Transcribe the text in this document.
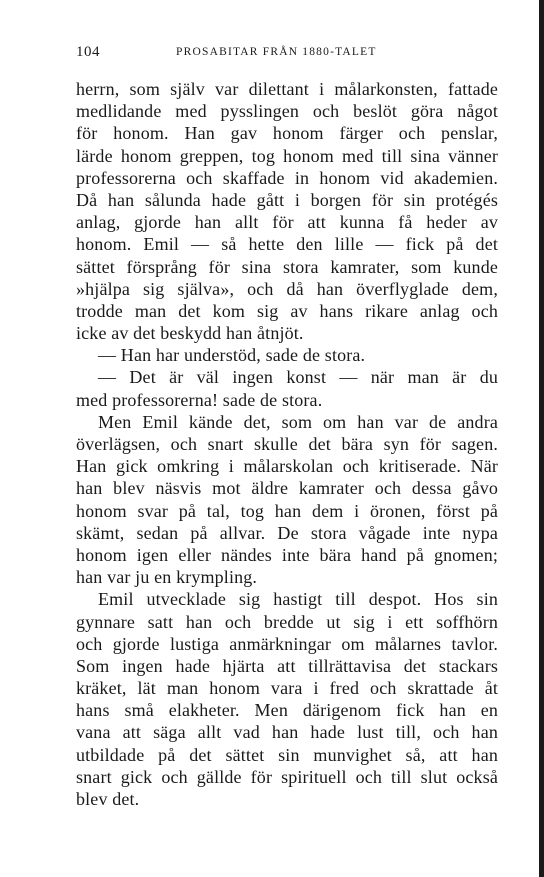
104	PROSABITAR FRÅN 1880-TALET
herrn, som själv var dilettant i målarkonsten, fattade
medlidande med pysslingen och beslöt göra något
för honom. Han gav honom färger och penslar,
lärde honom greppen, tog honom med till sina vänner
professorerna och skaffade in honom vid akademien.
Då han sålunda hade gått i borgen för sin protégés
anlag, gjorde han allt för att kunna få heder av
honom. Emil — så hette den lille — fick på det
sättet försprång för sina stora kamrater, som kunde
»hjälpa sig själva», och då han överflyglade dem,
trodde man det kom sig av hans rikare anlag och
icke av det beskydd han åtnjöt.
— Han har understöd, sade de stora.
— Det är väl ingen konst — när man är du
med professorerna! sade de stora.
Men Emil kände det, som om han var de andra
överlägsen, och snart skulle det bära syn för sagen.
Han gick omkring i målarskolan och kritiserade. När
han blev näsvis mot äldre kamrater och dessa gåvo
honom svar på tal, tog han dem i öronen, först på
skämt, sedan på allvar. De stora vågade inte nypa
honom igen eller nändes inte bära hand på gnomen;
han var ju en krympling.
Emil utvecklade sig hastigt till despot. Hos sin
gynnare satt han och bredde ut sig i ett soffhörn
och gjorde lustiga anmärkningar om målarnes tavlor.
Som ingen hade hjärta att tillrättavisa det stackars
kräket, lät man honom vara i fred och skrattade åt
hans små elakheter. Men därigenom fick han en
vana att säga allt vad han hade lust till, och han
utbildade på det sättet sin munvighet så, att han
snart gick och gällde för spirituell och till slut också
blev det.
